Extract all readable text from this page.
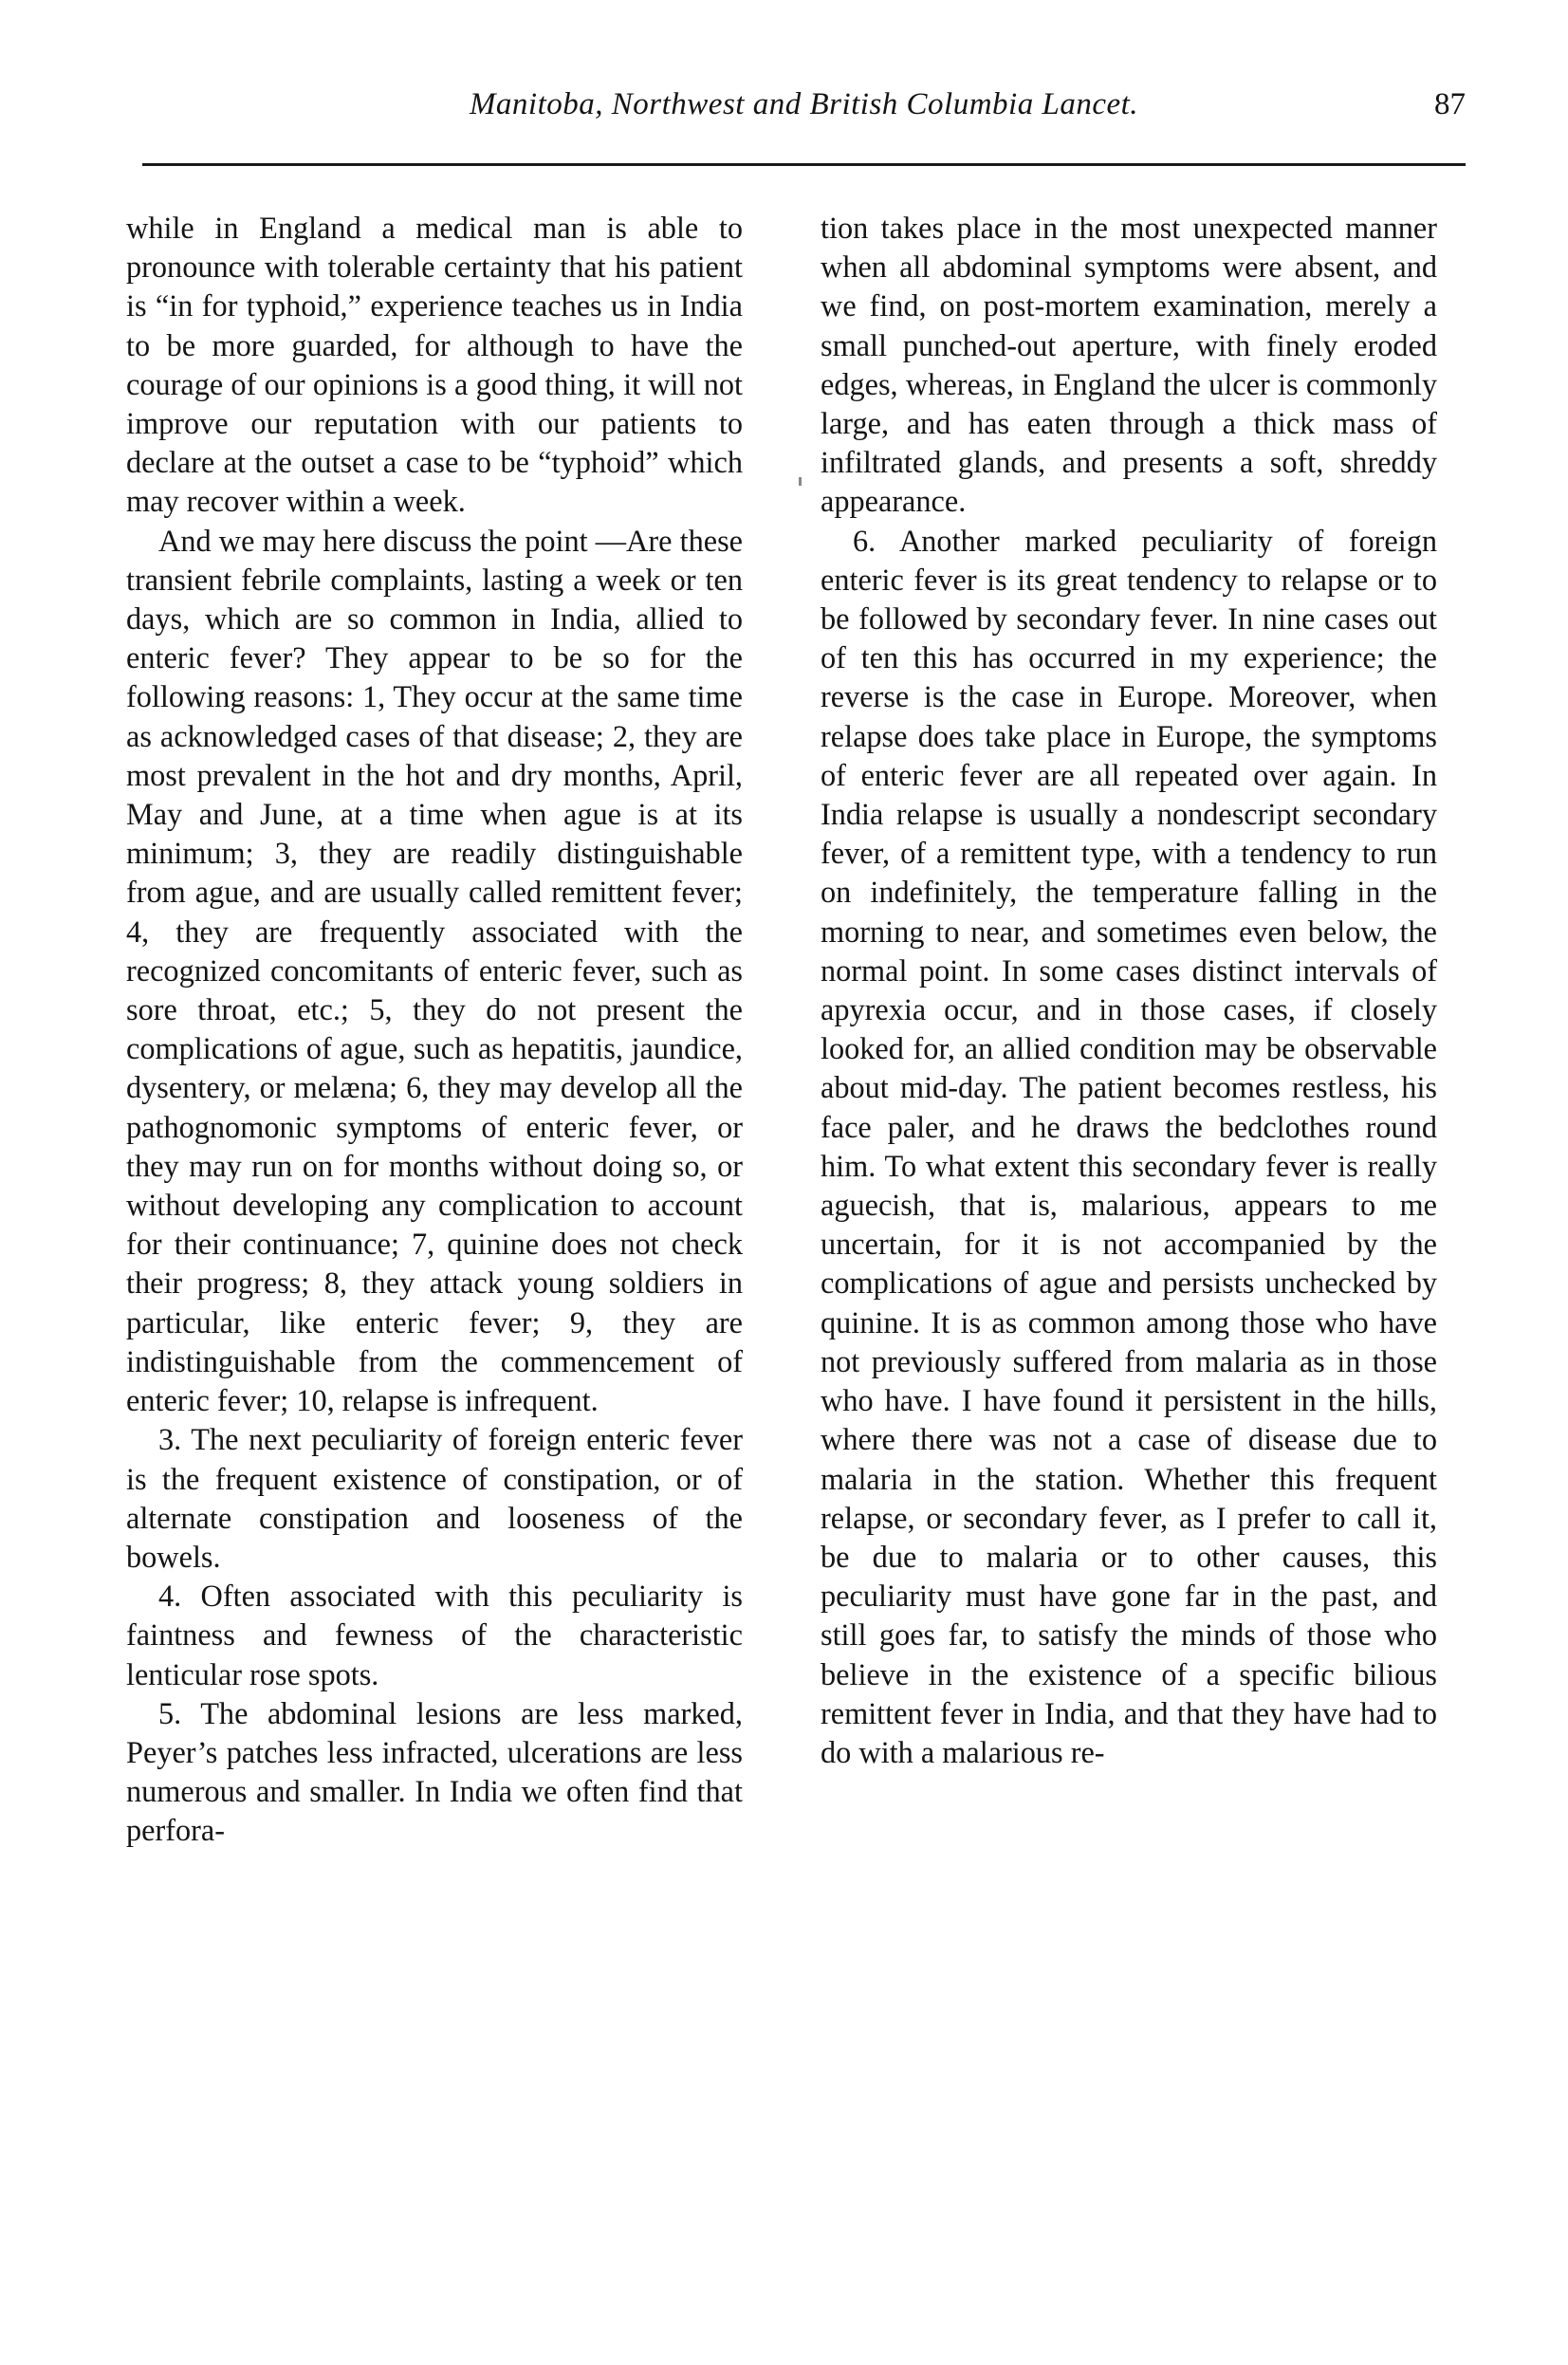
Manitoba, Northwest and British Columbia Lancet.	87

while in England a medical man is able to pronounce with tolerable certainty that his patient is “in for typhoid,” experience teaches us in India to be more guarded, for although to have the courage of our opinions is a good thing, it will not improve our reputation with our patients to declare at the outset a case to be “typhoid” which may recover within a week.

And we may here discuss the point —Are these transient febrile complaints, lasting a week or ten days, which are so common in India, allied to enteric fever? They appear to be so for the following reasons: 1, They occur at the same time as acknowledged cases of that disease; 2, they are most prevalent in the hot and dry months, April, May and June, at a time when ague is at its minimum; 3, they are readily distinguishable from ague, and are usually called remittent fever; 4, they are frequently associated with the recognized concomitants of enteric fever, such as sore throat, etc.; 5, they do not present the complications of ague, such as hepatitis, jaundice, dysentery, or melæna; 6, they may develop all the pathognomonic symptoms of enteric fever, or they may run on for months without doing so, or without developing any complication to account for their continuance; 7, quinine does not check their progress; 8, they attack young soldiers in particular, like enteric fever; 9, they are indistinguishable from the commencement of enteric fever; 10, relapse is infrequent.

3. The next peculiarity of foreign enteric fever is the frequent existence of constipation, or of alternate constipation and looseness of the bowels.

4. Often associated with this peculiarity is faintness and fewness of the characteristic lenticular rose spots.

5. The abdominal lesions are less marked, Peyer’s patches less infracted, ulcerations are less numerous and smaller. In India we often find that perfora-

tion takes place in the most unexpected manner when all abdominal symptoms were absent, and we find, on post-mortem examination, merely a small punched-out aperture, with finely eroded edges, whereas, in England the ulcer is commonly large, and has eaten through a thick mass of infiltrated glands, and presents a soft, shreddy appearance.

6. Another marked peculiarity of foreign enteric fever is its great tendency to relapse or to be followed by secondary fever. In nine cases out of ten this has occurred in my experience; the reverse is the case in Europe. Moreover, when relapse does take place in Europe, the symptoms of enteric fever are all repeated over again. In India relapse is usually a nondescript secondary fever, of a remittent type, with a tendency to run on indefinitely, the temperature falling in the morning to near, and sometimes even below, the normal point. In some cases distinct intervals of apyrexia occur, and in those cases, if closely looked for, an allied condition may be observable about mid-day. The patient becomes restless, his face paler, and he draws the bedclothes round him. To what extent this secondary fever is really aguecish, that is, malarious, appears to me uncertain, for it is not accompanied by the complications of ague and persists unchecked by quinine. It is as common among those who have not previously suffered from malaria as in those who have. I have found it persistent in the hills, where there was not a case of disease due to malaria in the station. Whether this frequent relapse, or secondary fever, as I prefer to call it, be due to malaria or to other causes, this peculiarity must have gone far in the past, and still goes far, to satisfy the minds of those who believe in the existence of a specific bilious remittent fever in India, and that they have had to do with a malarious re-
